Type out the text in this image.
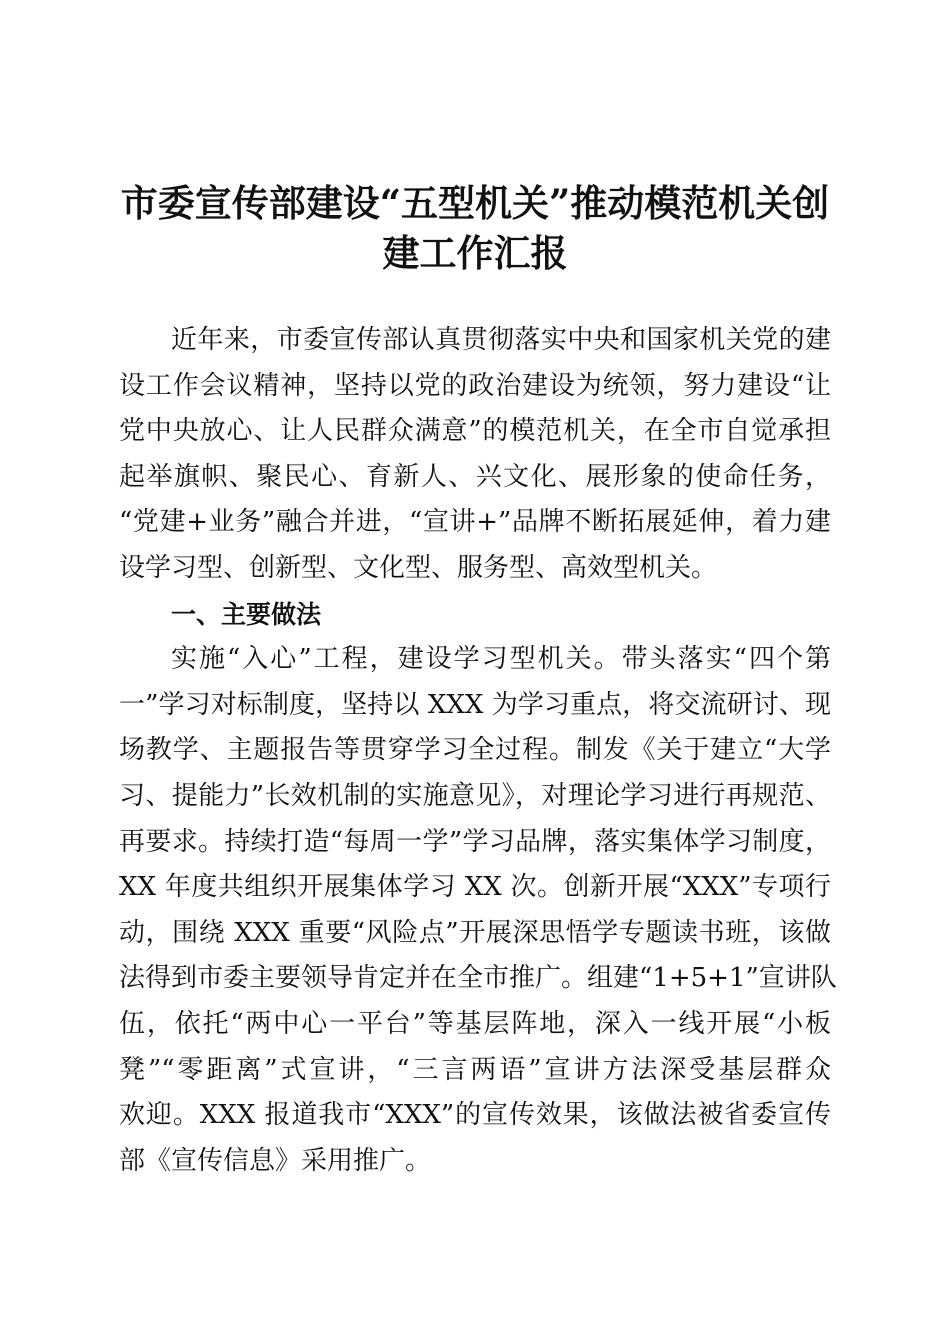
市委宣传部建设“五型机关”推动模范机关创
建工作汇报
近年来，市委宣传部认真贯彻落实中央和国家机关党的建
设工作会议精神，坚持以党的政治建设为统领，努力建设“让
党中央放心、让人民群众满意”的模范机关，在全市自觉承担
起举旗帜、聚民心、育新人、兴文化、展形象的使命任务，
“党建+业务”融合并进，“宣讲+”品牌不断拓展延伸，着力建
设学习型、创新型、文化型、服务型、高效型机关。
一、主要做法
实施“入心”工程，建设学习型机关。带头落实“四个第
一”学习对标制度，坚持以 XXX 为学习重点，将交流研讨、现
场教学、主题报告等贯穿学习全过程。制发《关于建立“大学
习、提能力”长效机制的实施意见》，对理论学习进行再规范、
再要求。持续打造“每周一学”学习品牌，落实集体学习制度，
XX 年度共组织开展集体学习 XX 次。创新开展“XXX”专项行
动，围绕 XXX 重要“风险点”开展深思悟学专题读书班，该做
法得到市委主要领导肯定并在全市推广。组建“1+5+1”宣讲队
伍，依托“两中心一平台”等基层阵地，深入一线开展“小板
凳”“零距离”式宣讲，“三言两语”宣讲方法深受基层群众
欢迎。XXX 报道我市“XXX”的宣传效果，该做法被省委宣传
部《宣传信息》采用推广。
